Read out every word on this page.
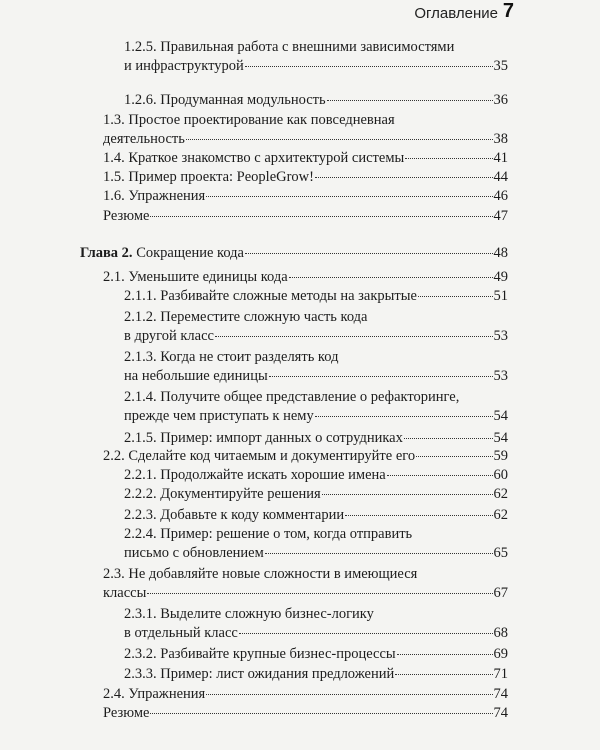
Оглавление 7
1.2.5. Правильная работа с внешними зависимостями
и инфраструктурой	35
1.2.6. Продуманная модульность	36
1.3. Простое проектирование как повседневная
деятельность	38
1.4. Краткое знакомство с архитектурой системы	41
1.5. Пример проекта: PeopleGrow!	44
1.6. Упражнения	46
Резюме	47
Глава 2. Сокращение кода	48
2.1. Уменьшите единицы кода	49
2.1.1. Разбивайте сложные методы на закрытые	51
2.1.2. Переместите сложную часть кода
в другой класс	53
2.1.3. Когда не стоит разделять код
на небольшие единицы	53
2.1.4. Получите общее представление о рефакторинге,
прежде чем приступать к нему	54
2.1.5. Пример: импорт данных о сотрудниках	54
2.2. Сделайте код читаемым и документируйте его	59
2.2.1. Продолжайте искать хорошие имена	60
2.2.2. Документируйте решения	62
2.2.3. Добавьте к коду комментарии	62
2.2.4. Пример: решение о том, когда отправить
письмо с обновлением	65
2.3. Не добавляйте новые сложности в имеющиеся
классы	67
2.3.1. Выделите сложную бизнес-логику
в отдельный класс	68
2.3.2. Разбивайте крупные бизнес-процессы	69
2.3.3. Пример: лист ожидания предложений	71
2.4. Упражнения	74
Резюме	74
